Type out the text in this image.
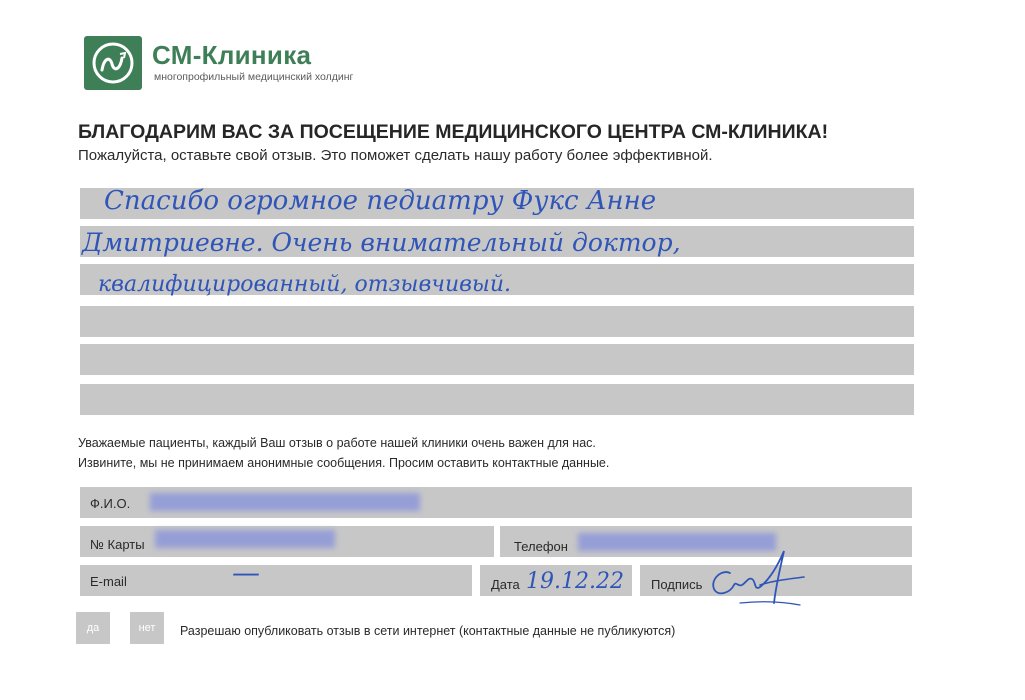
СМ-Клиника
многопрофильный медицинский холдинг
БЛАГОДАРИМ ВАС ЗА ПОСЕЩЕНИЕ МЕДИЦИНСКОГО ЦЕНТРА СМ-КЛИНИКА!
Пожалуйста, оставьте свой отзыв. Это поможет сделать нашу работу более эффективной.
Спасибо огромное педиатру Фукс Анне
Дмитриевне. Очень внимательный доктор,
квалифицированный, отзывчивый.
Уважаемые пациенты, каждый Ваш отзыв о работе нашей клиники очень важен для нас.
Извините, мы не принимаем анонимные сообщения. Просим оставить контактные данные.
Ф.И.О.
№ Карты	Телефон
E-mail	—	Дата 19.12.22 Подпись
да	нет	Разрешаю опубликовать отзыв в сети интернет (контактные данные не публикуются)
